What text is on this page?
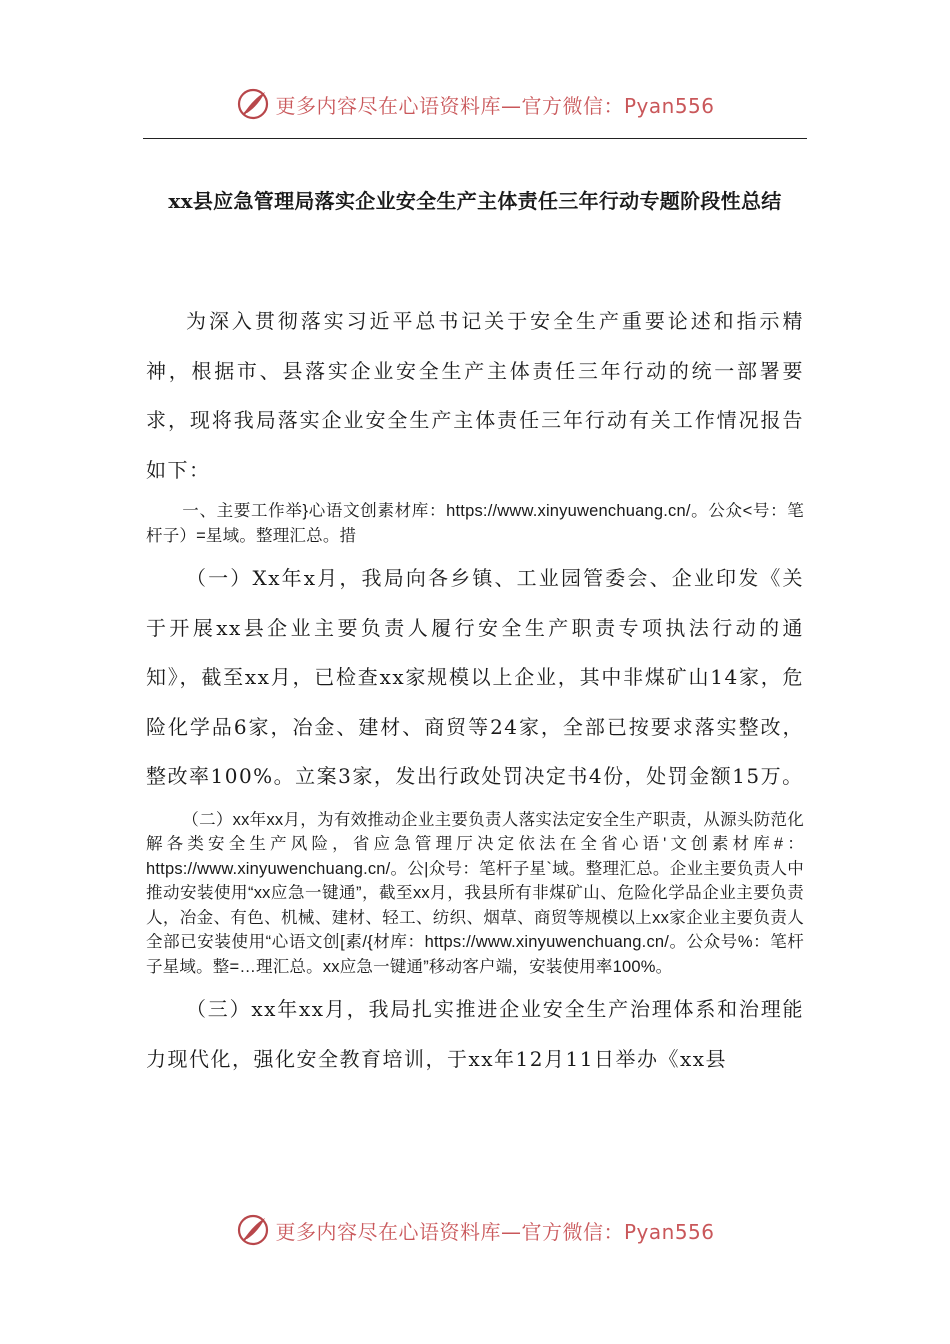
更多内容尽在心语资料库—官方微信：Pyan556
xx县应急管理局落实企业安全生产主体责任三年行动专题阶段性总结

为深入贯彻落实习近平总书记关于安全生产重要论述和指示精神，根据市、县落实企业安全生产主体责任三年行动的统一部署要求，现将我局落实企业安全生产主体责任三年行动有关工作情况报告如下：

一、主要工作举}心语文创素材库：https://www.xinyuwenchuang.cn/。公众<号：笔杆子）=星域。整理汇总。措

（一）Xx年x月，我局向各乡镇、工业园管委会、企业印发《关于开展xx县企业主要负责人履行安全生产职责专项执法行动的通知》，截至xx月，已检查xx家规模以上企业，其中非煤矿山14家，危险化学品6家，冶金、建材、商贸等24家，全部已按要求落实整改，整改率100%。立案3家，发出行政处罚决定书4份，处罚金额15万。

（二）xx年xx月，为有效推动企业主要负责人落实法定安全生产职责，从源头防范化解各类安全生产风险，省应急管理厅决定依法在全省心语'文创素材库#：https://www.xinyuwenchuang.cn/。公|众号：笔杆子星`域。整理汇总。企业主要负责人中推动安装使用“xx应急一键通”，截至xx月，我县所有非煤矿山、危险化学品企业主要负责人，冶金、有色、机械、建材、轻工、纺织、烟草、商贸等规模以上xx家企业主要负责人全部已安装使用“心语文创[素/{材库：https://www.xinyuwenchuang.cn/。公众号%：笔杆子星域。整=…理汇总。xx应急一键通”移动客户端，安装使用率100%。

（三）xx年xx月，我局扎实推进企业安全生产治理体系和治理能力现代化，强化安全教育培训，于xx年12月11日举办《xx县

更多内容尽在心语资料库—官方微信：Pyan556
